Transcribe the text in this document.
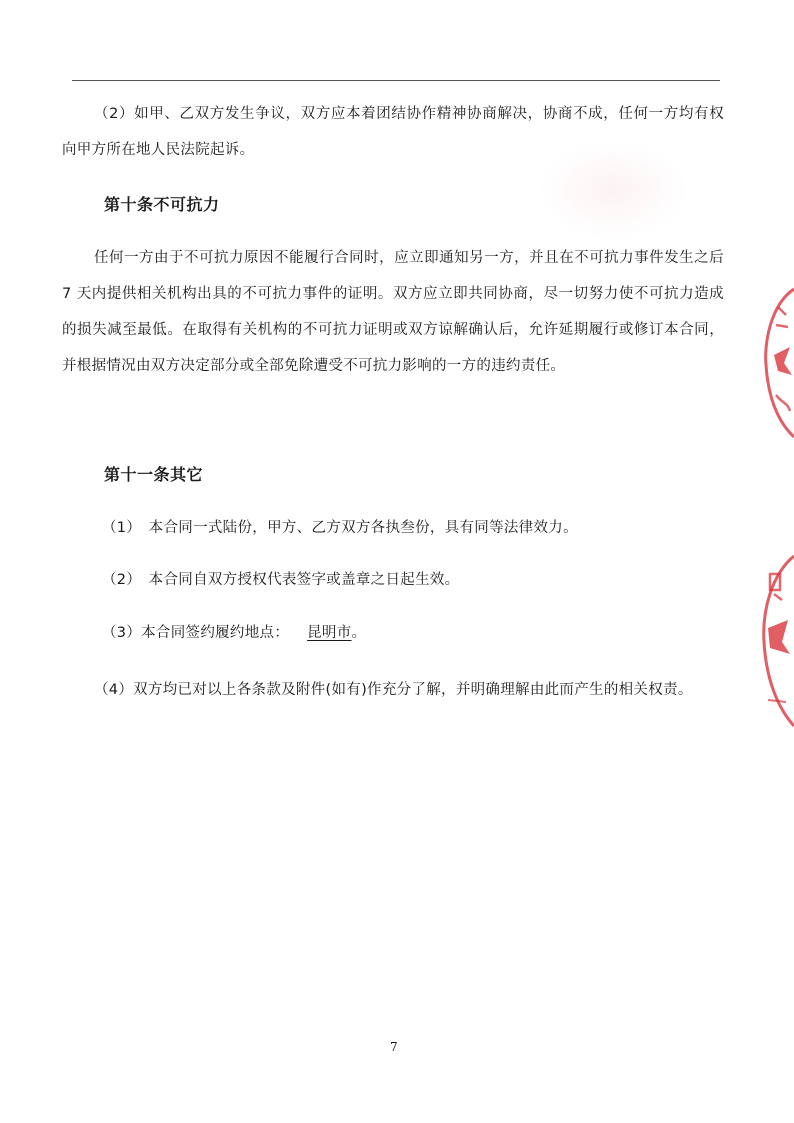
（2）如甲、乙双方发生争议，双方应本着团结协作精神协商解决，协商不成，任何一方均有权向甲方所在地人民法院起诉。

第十条不可抗力

任何一方由于不可抗力原因不能履行合同时，应立即通知另一方，并且在不可抗力事件发生之后 7 天内提供相关机构出具的不可抗力事件的证明。双方应立即共同协商，尽一切努力使不可抗力造成的损失减至最低。在取得有关机构的不可抗力证明或双方谅解确认后，允许延期履行或修订本合同，并根据情况由双方决定部分或全部免除遭受不可抗力影响的一方的违约责任。

第十一条其它

（1）　本合同一式陆份，甲方、乙方双方各执叁份，具有同等法律效力。

（2）　本合同自双方授权代表签字或盖章之日起生效。

（3）本合同签约履约地点： 昆明市。

（4）双方均已对以上各条款及附件(如有)作充分了解，并明确理解由此而产生的相关权责。

7
